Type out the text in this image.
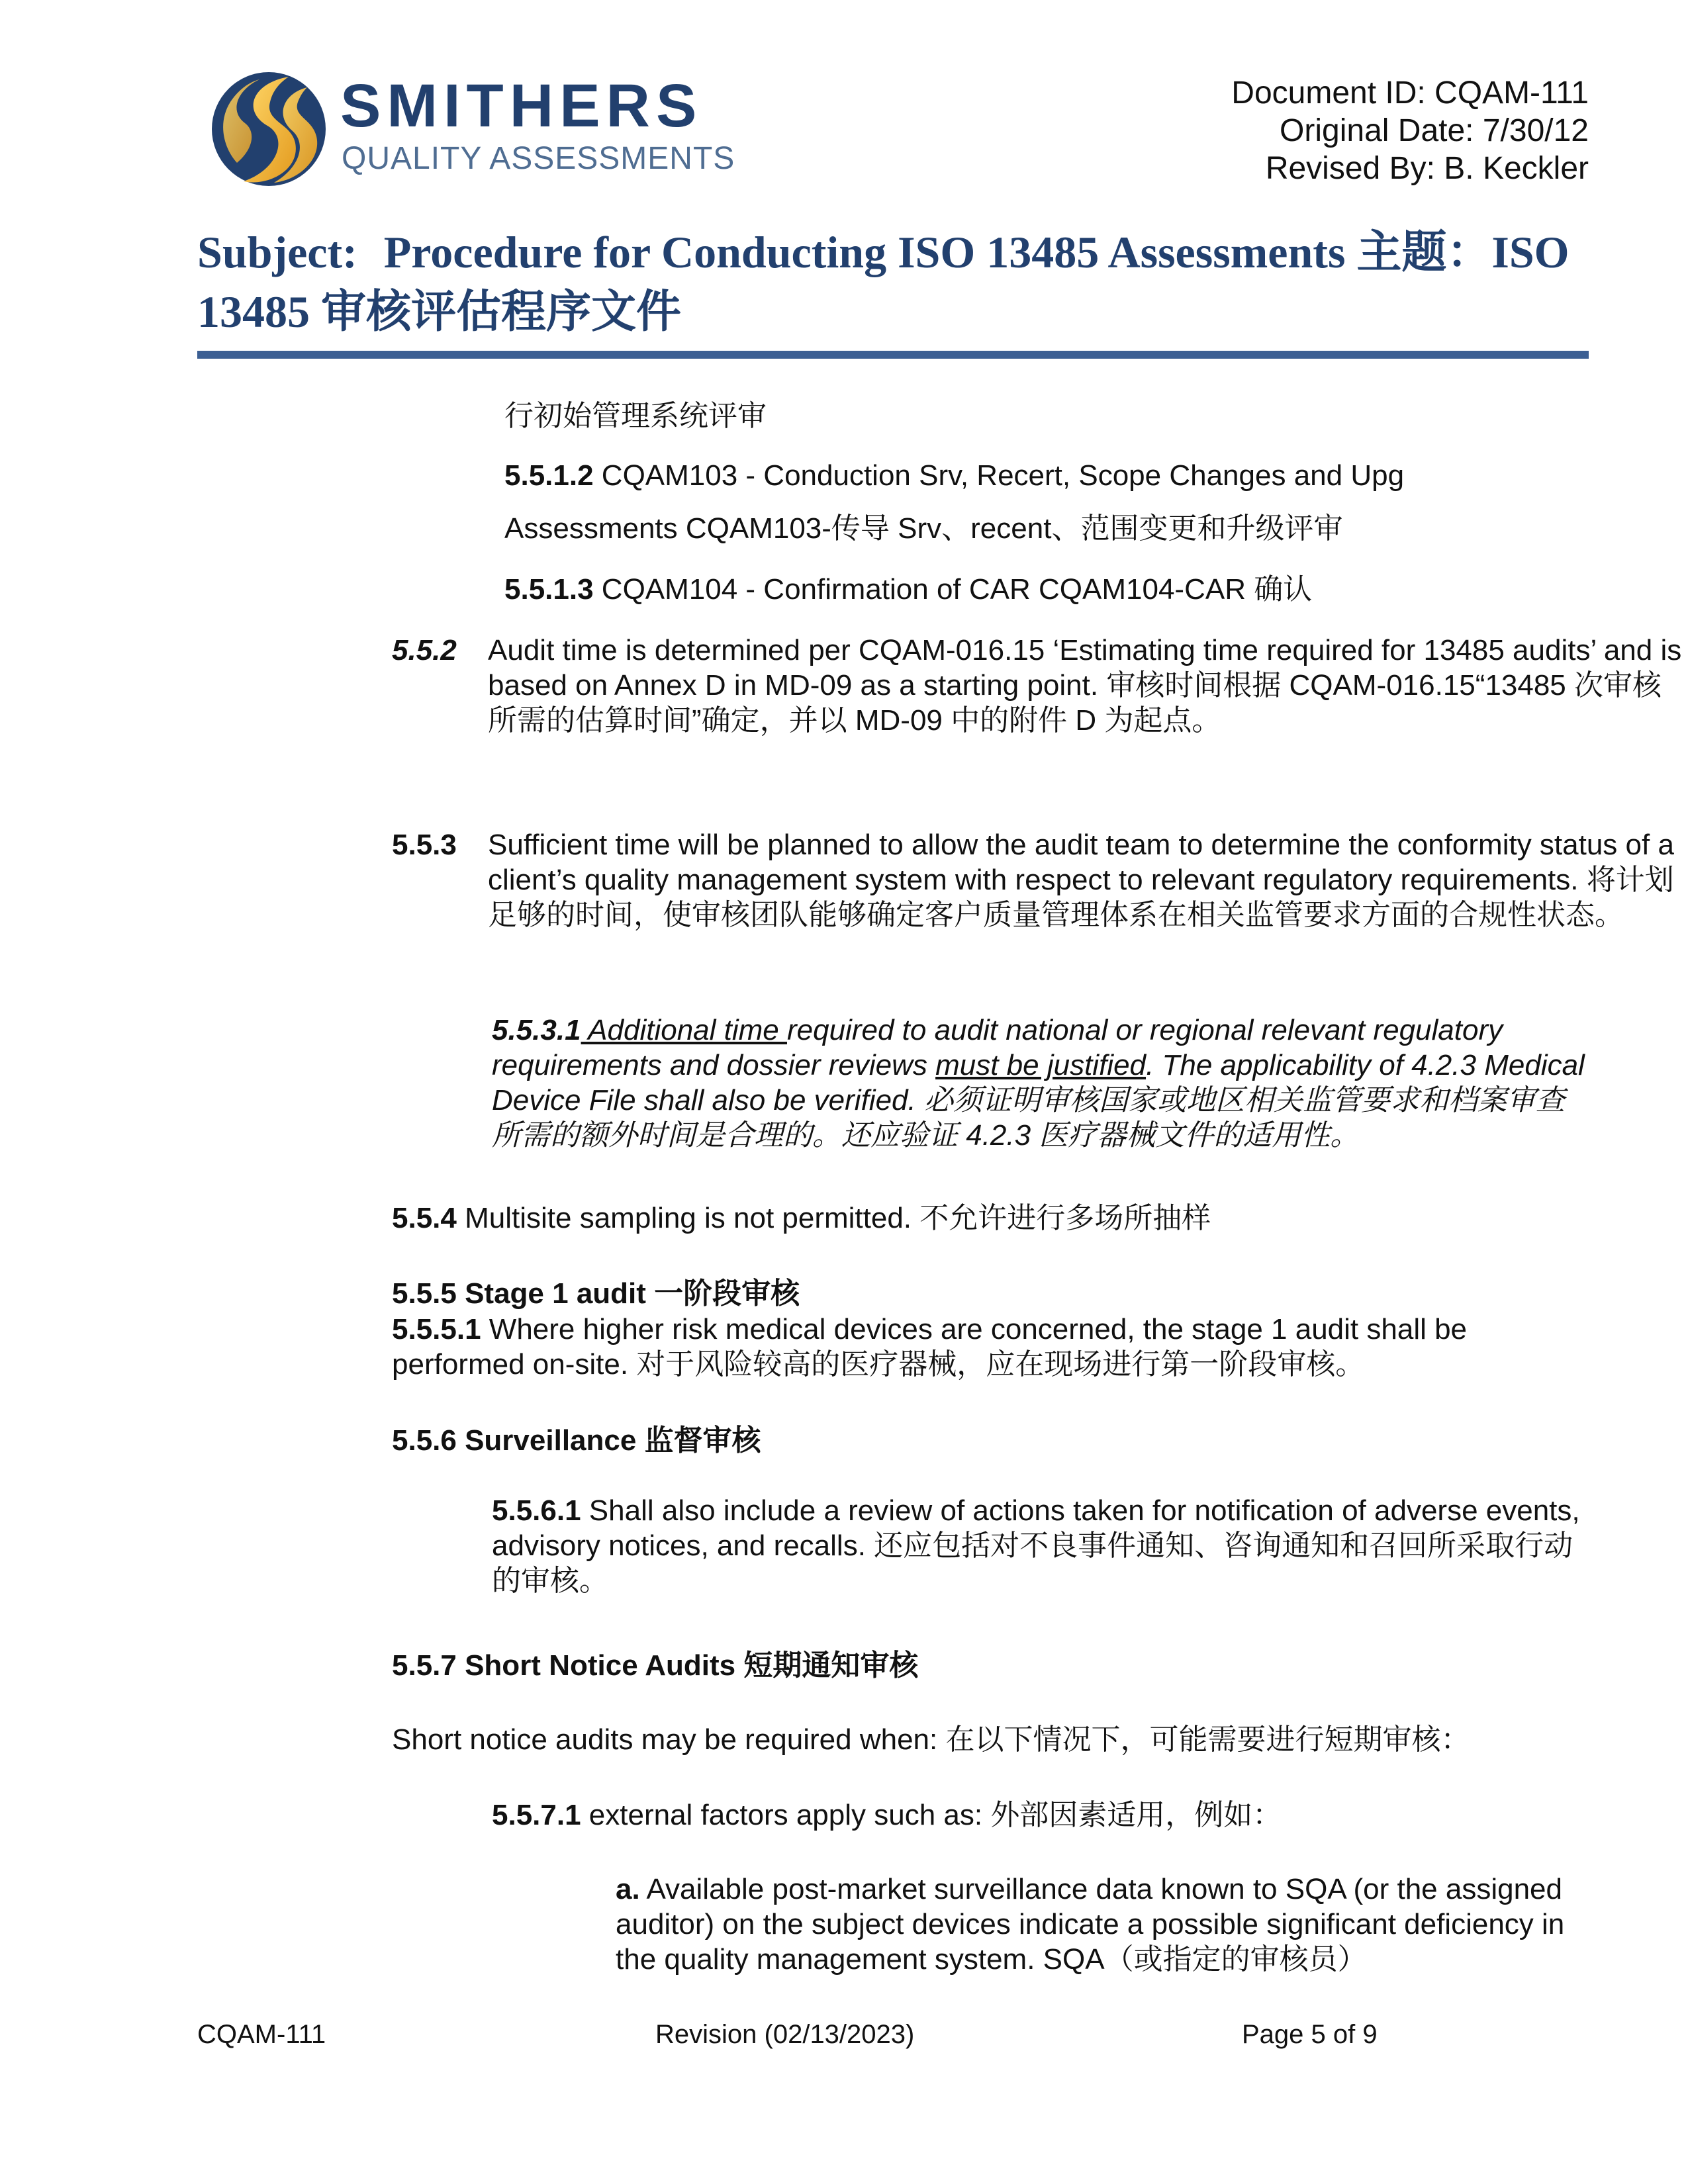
SMITHERS
QUALITY ASSESSMENTS
Document ID: CQAM-111
Original Date: 7/30/12
Revised By: B. Keckler
Subject: Procedure for Conducting ISO 13485 Assessments 主题：ISO 13485 审核评估程序文件
行初始管理系统评审
5.5.1.2 CQAM103 - Conduction Srv, Recert, Scope Changes and Upg
Assessments CQAM103-传导 Srv、recent、范围变更和升级评审
5.5.1.3 CQAM104 - Confirmation of CAR CQAM104-CAR 确认
5.5.2 Audit time is determined per CQAM-016.15 ‘Estimating time required for 13485 audits’ and is based on Annex D in MD-09 as a starting point. 审核时间根据 CQAM-016.15“13485 次审核所需的估算时间”确定，并以 MD-09 中的附件 D 为起点。
5.5.3 Sufficient time will be planned to allow the audit team to determine the conformity status of a client’s quality management system with respect to relevant regulatory requirements. 将计划足够的时间，使审核团队能够确定客户质量管理体系在相关监管要求方面的合规性状态。
5.5.3.1 Additional time required to audit national or regional relevant regulatory requirements and dossier reviews must be justified. The applicability of 4.2.3 Medical Device File shall also be verified. 必须证明审核国家或地区相关监管要求和档案审查所需的额外时间是合理的。还应验证 4.2.3 医疗器械文件的适用性。
5.5.4 Multisite sampling is not permitted. 不允许进行多场所抽样
5.5.5 Stage 1 audit 一阶段审核
5.5.5.1 Where higher risk medical devices are concerned, the stage 1 audit shall be performed on-site. 对于风险较高的医疗器械，应在现场进行第一阶段审核。
5.5.6 Surveillance 监督审核
5.5.6.1 Shall also include a review of actions taken for notification of adverse events, advisory notices, and recalls. 还应包括对不良事件通知、咨询通知和召回所采取行动的审核。
5.5.7 Short Notice Audits 短期通知审核
Short notice audits may be required when: 在以下情况下，可能需要进行短期审核：
5.5.7.1 external factors apply such as: 外部因素适用，例如：
a. Available post-market surveillance data known to SQA (or the assigned auditor) on the subject devices indicate a possible significant deficiency in the quality management system. SQA（或指定的审核员）
CQAM-111	Revision (02/13/2023)	Page 5 of 9
